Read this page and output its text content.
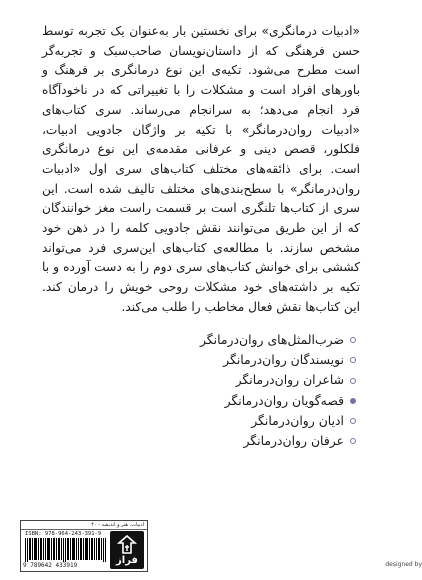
«ادبیات درمانگری» برای نخستین بار به‌عنوان یک تجربه توسط حسن فرهنگی که از داستان‌نویسان صاحب‌سبک و تجربه‌گر است مطرح می‌شود. تکیه‌ی این نوع درمانگری بر فرهنگ و باورهای افراد است و مشکلات را با تغییراتی که در ناخودآگاه فرد انجام می‌دهد؛ به سرانجام می‌رساند. سری کتاب‌های «ادبیات روان‌درمانگر» با تکیه بر واژگان جادویی ادبیات، فلکلور، قصص دینی و عرفانی مقدمه‌ی این نوع درمانگری است. برای ذائقه‌های مختلف کتاب‌های سری اول «ادبیات روان‌درمانگر» با سطح‌بندی‌های مختلف تالیف شده است. این سری از کتاب‌ها تلنگری است بر قسمت راست مغز خوانندگان که از این طریق می‌توانند نقش جادویی کلمه را در ذهن خود مشخص سازند. با مطالعه‌ی کتاب‌های این‌سری فرد می‌تواند کششی برای خوانش کتاب‌های سری دوم را به دست آورده و با تکیه بر داشته‌های خود مشکلات روحی خویش را درمان کند. این کتاب‌ها نقش فعال مخاطب را طلب می‌کند.
ضرب‌المثل‌های روان‌درمانگر
نویسندگان روان‌درمانگر
شاعران روان‌درمانگر
قصه‌گویان روان‌درمانگر
ادیان روان‌درمانگر
عرفان روان‌درمانگر
ادبیات، هنر و اندیشه - ۴۰
ISBN: 978-964-243-391-9
9 789642 433919	فراز	designed by
